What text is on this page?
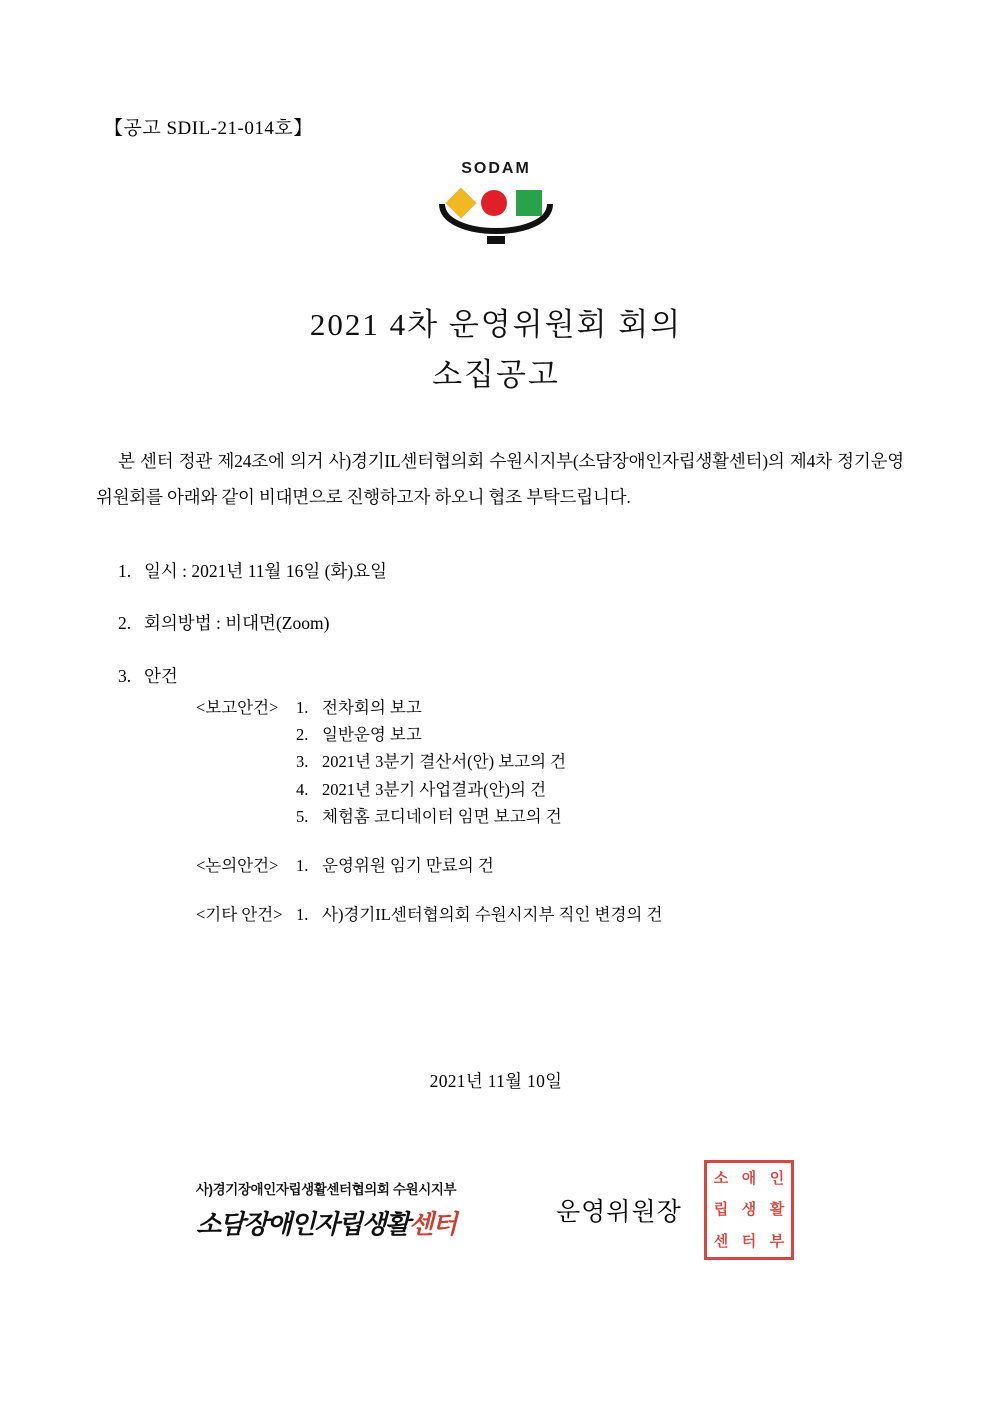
【공고 SDIL-21-014호】
SODAM
2021 4차 운영위원회 회의
소집공고
본 센터 정관 제24조에 의거 사)경기IL센터협의회 수원시지부(소담장애인자립생활센터)의 제4차 정기운영위원회를 아래와 같이 비대면으로 진행하고자 하오니 협조 부탁드립니다.
1. 일시 : 2021년 11월 16일 (화)요일
2. 회의방법 : 비대면(Zoom)
3. 안건
<보고안건>	1. 전차회의 보고
2. 일반운영 보고
3. 2021년 3분기 결산서(안) 보고의 건
4. 2021년 3분기 사업결과(안)의 건
5. 체험홈 코디네이터 임면 보고의 건
<논의안건>	1. 운영위원 임기 만료의 건
<기타 안건> 1. 사)경기IL센터협의회 수원시지부 직인 변경의 건
2021년 11월 10일
사)경기장애인자립생활센터협의회 수원시지부
소담장애인자립생활센터	운영위원장
소 애 인
립 생 활
센 터 부
